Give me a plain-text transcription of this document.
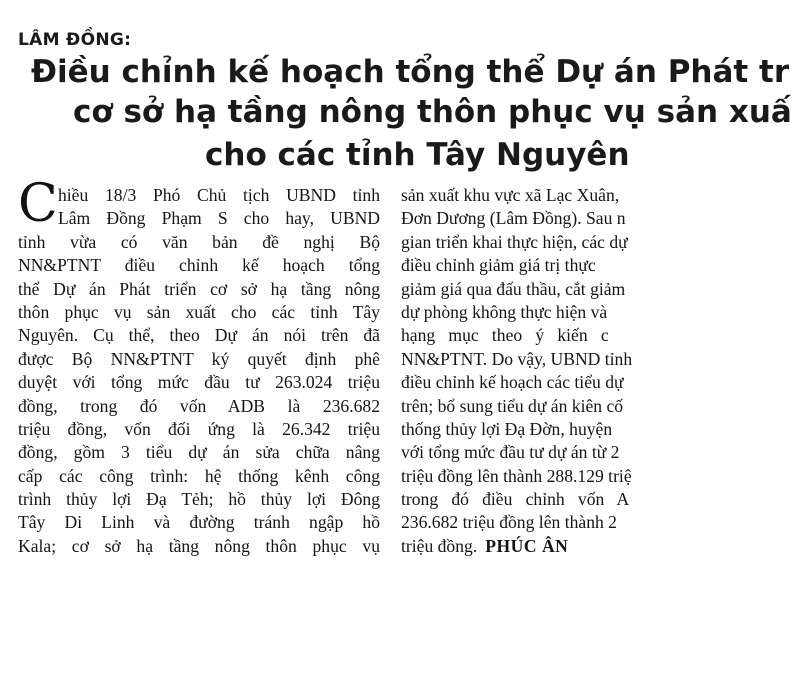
LÂM ĐỒNG:
Điều chỉnh kế hoạch tổng thể Dự án Phát tr
cơ sở hạ tầng nông thôn phục vụ sản xuấ
cho các tỉnh Tây Nguyên
C hiều 18/3 Phó Chủ tịch UBND tỉnh
Lâm Đồng Phạm S cho hay, UBND
tỉnh vừa có văn bản đề nghị Bộ
NN&PTNT điều chỉnh kế hoạch tổng
thể Dự án Phát triển cơ sở hạ tầng nông
thôn phục vụ sản xuất cho các tỉnh Tây
Nguyên. Cụ thể, theo Dự án nói trên đã
được Bộ NN&PTNT ký quyết định phê
duyệt với tổng mức đầu tư 263.024 triệu
đồng, trong đó vốn ADB là 236.682
triệu đồng, vốn đối ứng là 26.342 triệu
đồng, gồm 3 tiểu dự án sửa chữa nâng
cấp các công trình: hệ thống kênh công
trình thủy lợi Đạ Tẻh; hồ thủy lợi Đông
Tây Di Linh và đường tránh ngập hồ
Kala; cơ sở hạ tầng nông thôn phục vụ
sản xuất khu vực xã Lạc Xuân,
Đơn Dương (Lâm Đồng). Sau n
gian triển khai thực hiện, các dự
điều chỉnh giảm giá trị thực
giảm giá qua đấu thầu, cắt giảm
dự phòng không thực hiện và
hạng   mục   theo   ý   kiến   c
NN&PTNT. Do vậy, UBND tỉnh
điều chỉnh kế hoạch các tiểu dự
trên; bổ sung tiểu dự án kiên cố
thống thủy lợi Đạ Đờn, huyện
với tổng mức đầu tư dự án từ 2
triệu đồng lên thành 288.129 triệ
trong   đó   điều   chỉnh   vốn   A
236.682 triệu đồng lên thành 2
triệu đồng. PHÚC ÂN
